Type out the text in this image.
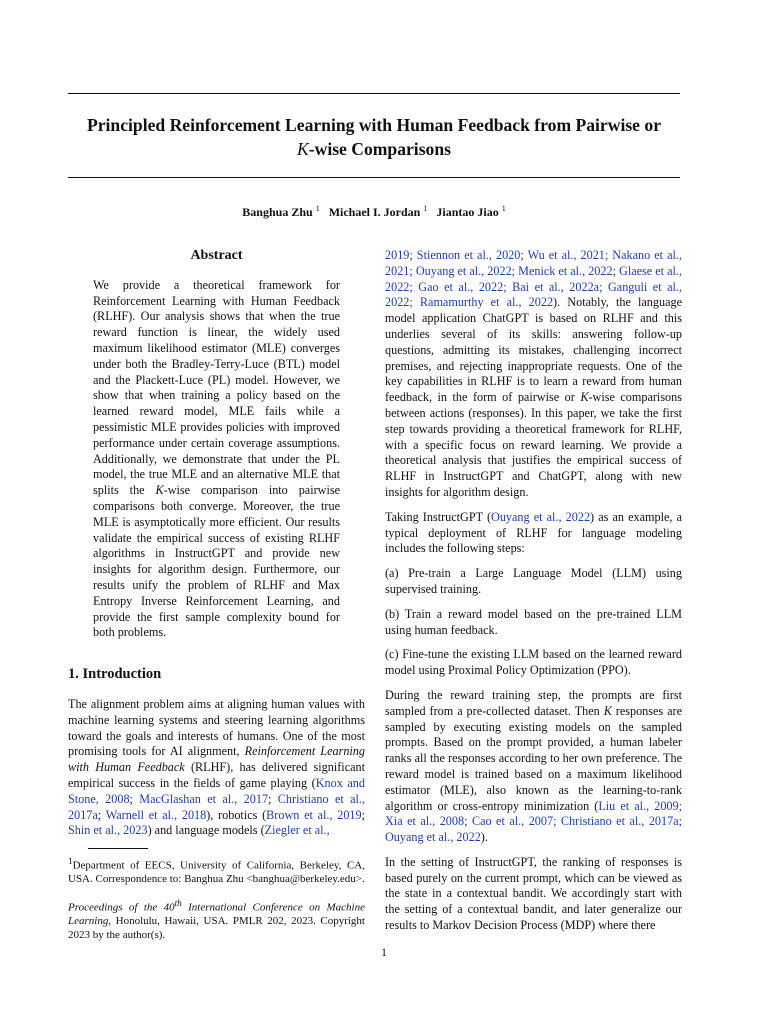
Principled Reinforcement Learning with Human Feedback from Pairwise or
K-wise Comparisons
Banghua Zhu $^1$ Michael I. Jordan $^1$ Jiantao Jiao $^1$
Abstract
We provide a theoretical framework for Reinforcement Learning with Human Feedback (RLHF). Our analysis shows that when the true reward function is linear, the widely used maximum likelihood estimator (MLE) converges under both the Bradley-Terry-Luce (BTL) model and the Plackett-Luce (PL) model. However, we show that when training a policy based on the learned reward model, MLE fails while a pessimistic MLE provides policies with improved performance under certain coverage assumptions. Additionally, we demonstrate that under the PL model, the true MLE and an alternative MLE that splits the K-wise comparison into pairwise comparisons both converge. Moreover, the true MLE is asymptotically more efficient. Our results validate the empirical success of existing RLHF algorithms in InstructGPT and provide new insights for algorithm design. Furthermore, our results unify the problem of RLHF and Max Entropy Inverse Reinforcement Learning, and provide the first sample complexity bound for both problems.
1. Introduction

The alignment problem aims at aligning human values with machine learning systems and steering learning algorithms toward the goals and interests of humans. One of the most promising tools for AI alignment, Reinforcement Learning with Human Feedback (RLHF), has delivered significant empirical success in the fields of game playing (Knox and Stone, 2008; MacGlashan et al., 2017; Christiano et al., 2017a; Warnell et al., 2018), robotics (Brown et al., 2019; Shin et al., 2023) and language models (Ziegler et al.,

$^1$Department of EECS, University of California, Berkeley, CA, USA. Correspondence to: Banghua Zhu <banghua@berkeley.edu>.
Proceedings of the 40th International Conference on Machine Learning, Honolulu, Hawaii, USA. PMLR 202, 2023. Copyright 2023 by the author(s).

2019; Stiennon et al., 2020; Wu et al., 2021; Nakano et al., 2021; Ouyang et al., 2022; Menick et al., 2022; Glaese et al., 2022; Gao et al., 2022; Bai et al., 2022a; Ganguli et al., 2022; Ramamurthy et al., 2022). Notably, the language model application ChatGPT is based on RLHF and this underlies several of its skills: answering follow-up questions, admitting its mistakes, challenging incorrect premises, and rejecting inappropriate requests. One of the key capabilities in RLHF is to learn a reward from human feedback, in the form of pairwise or K-wise comparisons between actions (responses). In this paper, we take the first step towards providing a theoretical framework for RLHF, with a specific focus on reward learning. We provide a theoretical analysis that justifies the empirical success of RLHF in InstructGPT and ChatGPT, along with new insights for algorithm design.

Taking InstructGPT (Ouyang et al., 2022) as an example, a typical deployment of RLHF for language modeling includes the following steps:

(a) Pre-train a Large Language Model (LLM) using supervised training.

(b) Train a reward model based on the pre-trained LLM using human feedback.

(c) Fine-tune the existing LLM based on the learned reward model using Proximal Policy Optimization (PPO).

During the reward training step, the prompts are first sampled from a pre-collected dataset. Then K responses are sampled by executing existing models on the sampled prompts. Based on the prompt provided, a human labeler ranks all the responses according to her own preference. The reward model is trained based on a maximum likelihood estimator (MLE), also known as the learning-to-rank algorithm or cross-entropy minimization (Liu et al., 2009; Xia et al., 2008; Cao et al., 2007; Christiano et al., 2017a; Ouyang et al., 2022).

In the setting of InstructGPT, the ranking of responses is based purely on the current prompt, which can be viewed as the state in a contextual bandit. We accordingly start with the setting of a contextual bandit, and later generalize our results to Markov Decision Process (MDP) where there

1
